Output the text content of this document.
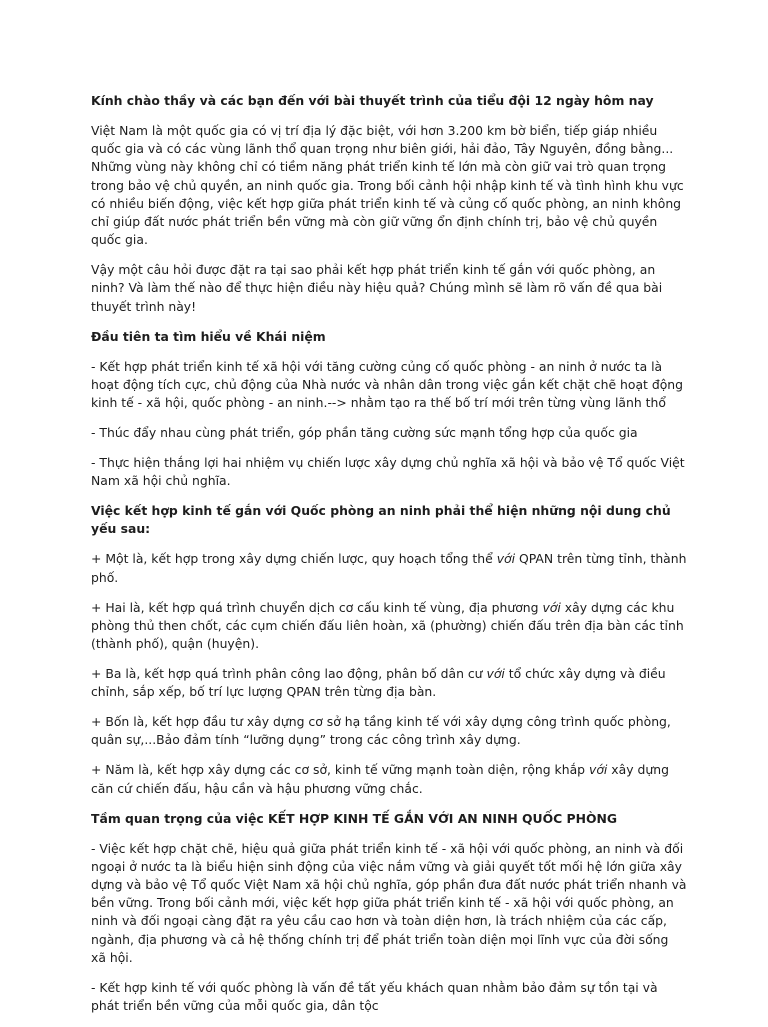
Kính chào thầy và các bạn đến với bài thuyết trình của tiểu đội 12 ngày hôm nay

Việt Nam là một quốc gia có vị trí địa lý đặc biệt, với hơn 3.200 km bờ biển, tiếp giáp nhiều quốc gia và có các vùng lãnh thổ quan trọng như biên giới, hải đảo, Tây Nguyên, đồng bằng... Những vùng này không chỉ có tiềm năng phát triển kinh tế lớn mà còn giữ vai trò quan trọng trong bảo vệ chủ quyền, an ninh quốc gia. Trong bối cảnh hội nhập kinh tế và tình hình khu vực có nhiều biến động, việc kết hợp giữa phát triển kinh tế và củng cố quốc phòng, an ninh không chỉ giúp đất nước phát triển bền vững mà còn giữ vững ổn định chính trị, bảo vệ chủ quyền quốc gia.

Vậy một câu hỏi được đặt ra tại sao phải kết hợp phát triển kinh tế gắn với quốc phòng, an ninh? Và làm thế nào để thực hiện điều này hiệu quả? Chúng mình sẽ làm rõ vấn đề qua bài thuyết trình này!

Đầu tiên ta tìm hiểu về Khái niệm

- Kết hợp phát triển kinh tế xã hội với tăng cường củng cố quốc phòng - an ninh ở nước ta là hoạt động tích cực, chủ động của Nhà nước và nhân dân trong việc gắn kết chặt chẽ hoạt động kinh tế - xã hội, quốc phòng - an ninh.--> nhằm tạo ra thế bố trí mới trên từng vùng lãnh thổ

- Thúc đẩy nhau cùng phát triển, góp phần tăng cường sức mạnh tổng hợp của quốc gia

- Thực hiện thắng lợi hai nhiệm vụ chiến lược xây dựng chủ nghĩa xã hội và bảo vệ Tổ quốc Việt Nam xã hội chủ nghĩa.

Việc kết hợp kinh tế gắn với Quốc phòng an ninh phải thể hiện những nội dung chủ yếu sau:

+ Một là, kết hợp trong xây dựng chiến lược, quy hoạch tổng thể với QPAN trên từng tỉnh, thành phố.

+ Hai là, kết hợp quá trình chuyển dịch cơ cấu kinh tế vùng, địa phương với xây dựng các khu phòng thủ then chốt, các cụm chiến đấu liên hoàn, xã (phường) chiến đấu trên địa bàn các tỉnh (thành phố), quận (huyện).

+ Ba là, kết hợp quá trình phân công lao động, phân bố dân cư với tổ chức xây dựng và điều chỉnh, sắp xếp, bố trí lực lượng QPAN trên từng địa bàn.

+ Bốn là, kết hợp đầu tư xây dựng cơ sở hạ tầng kinh tế với xây dựng công trình quốc phòng, quân sự,...Bảo đảm tính “lưỡng dụng” trong các công trình xây dựng.

+ Năm là, kết hợp xây dựng các cơ sở, kinh tế vững mạnh toàn diện, rộng khắp với xây dựng căn cứ chiến đấu, hậu cần và hậu phương vững chắc.

Tầm quan trọng của việc KẾT HỢP KINH TẾ GẮN VỚI AN NINH QUỐC PHÒNG

- Việc kết hợp chặt chẽ, hiệu quả giữa phát triển kinh tế - xã hội với quốc phòng, an ninh và đối ngoại ở nước ta là biểu hiện sinh động của việc nắm vững và giải quyết tốt mối hệ lớn giữa xây dựng và bảo vệ Tổ quốc Việt Nam xã hội chủ nghĩa, góp phần đưa đất nước phát triển nhanh và bền vững. Trong bối cảnh mới, việc kết hợp giữa phát triển kinh tế - xã hội với quốc phòng, an ninh và đối ngoại càng đặt ra yêu cầu cao hơn và toàn diện hơn, là trách nhiệm của các cấp, ngành, địa phương và cả hệ thống chính trị để phát triển toàn diện mọi lĩnh vực của đời sống xã hội.

- Kết hợp kinh tế với quốc phòng là vấn đề tất yếu khách quan nhằm bảo đảm sự tồn tại và phát triển bền vững của mỗi quốc gia, dân tộc
